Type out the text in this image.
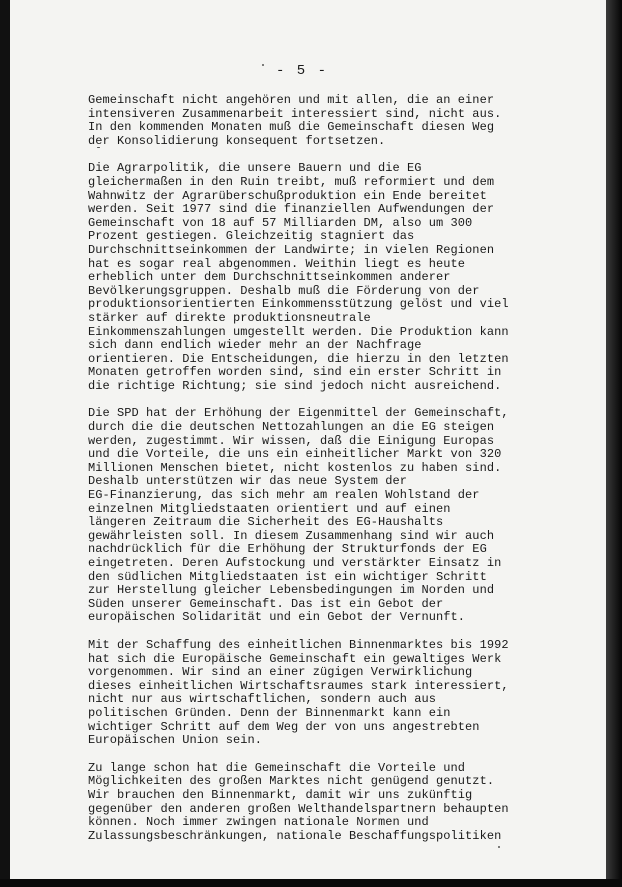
- 5 -

Gemeinschaft nicht angehören und mit allen, die an einer
intensiveren Zusammenarbeit interessiert sind, nicht aus.
In den kommenden Monaten muß die Gemeinschaft diesen Weg
der Konsolidierung konsequent fortsetzen.
Die Agrarpolitik, die unsere Bauern und die EG
gleichermaßen in den Ruin treibt, muß reformiert und dem
Wahnwitz der Agrarüberschußproduktion ein Ende bereitet
werden. Seit 1977 sind die finanziellen Aufwendungen der
Gemeinschaft von 18 auf 57 Milliarden DM, also um 300
Prozent gestiegen. Gleichzeitig stagniert das
Durchschnittseinkommen der Landwirte; in vielen Regionen
hat es sogar real abgenommen. Weithin liegt es heute
erheblich unter dem Durchschnittseinkommen anderer
Bevölkerungsgruppen. Deshalb muß die Förderung von der
produktionsorientierten Einkommensstützung gelöst und viel
stärker auf direkte produktionsneutrale
Einkommenszahlungen umgestellt werden. Die Produktion kann
sich dann endlich wieder mehr an der Nachfrage
orientieren. Die Entscheidungen, die hierzu in den letzten
Monaten getroffen worden sind, sind ein erster Schritt in
die richtige Richtung; sie sind jedoch nicht ausreichend.
Die SPD hat der Erhöhung der Eigenmittel der Gemeinschaft,
durch die die deutschen Nettozahlungen an die EG steigen
werden, zugestimmt. Wir wissen, daß die Einigung Europas
und die Vorteile, die uns ein einheitlicher Markt von 320
Millionen Menschen bietet, nicht kostenlos zu haben sind.
Deshalb unterstützen wir das neue System der
EG-Finanzierung, das sich mehr am realen Wohlstand der
einzelnen Mitgliedstaaten orientiert und auf einen
längeren Zeitraum die Sicherheit des EG-Haushalts
gewährleisten soll. In diesem Zusammenhang sind wir auch
nachdrücklich für die Erhöhung der Strukturfonds der EG
eingetreten. Deren Aufstockung und verstärkter Einsatz in
den südlichen Mitgliedstaaten ist ein wichtiger Schritt
zur Herstellung gleicher Lebensbedingungen im Norden und
Süden unserer Gemeinschaft. Das ist ein Gebot der
europäischen Solidarität und ein Gebot der Vernunft.
Mit der Schaffung des einheitlichen Binnenmarktes bis 1992
hat sich die Europäische Gemeinschaft ein gewaltiges Werk
vorgenommen. Wir sind an einer zügigen Verwirklichung
dieses einheitlichen Wirtschaftsraumes stark interessiert,
nicht nur aus wirtschaftlichen, sondern auch aus
politischen Gründen. Denn der Binnenmarkt kann ein
wichtiger Schritt auf dem Weg der von uns angestrebten
Europäischen Union sein.
Zu lange schon hat die Gemeinschaft die Vorteile und
Möglichkeiten des großen Marktes nicht genügend genutzt.
Wir brauchen den Binnenmarkt, damit wir uns zukünftig
gegenüber den anderen großen Welthandelspartnern behaupten
können. Noch immer zwingen nationale Normen und
Zulassungsbeschränkungen, nationale Beschaffungspolitiken
